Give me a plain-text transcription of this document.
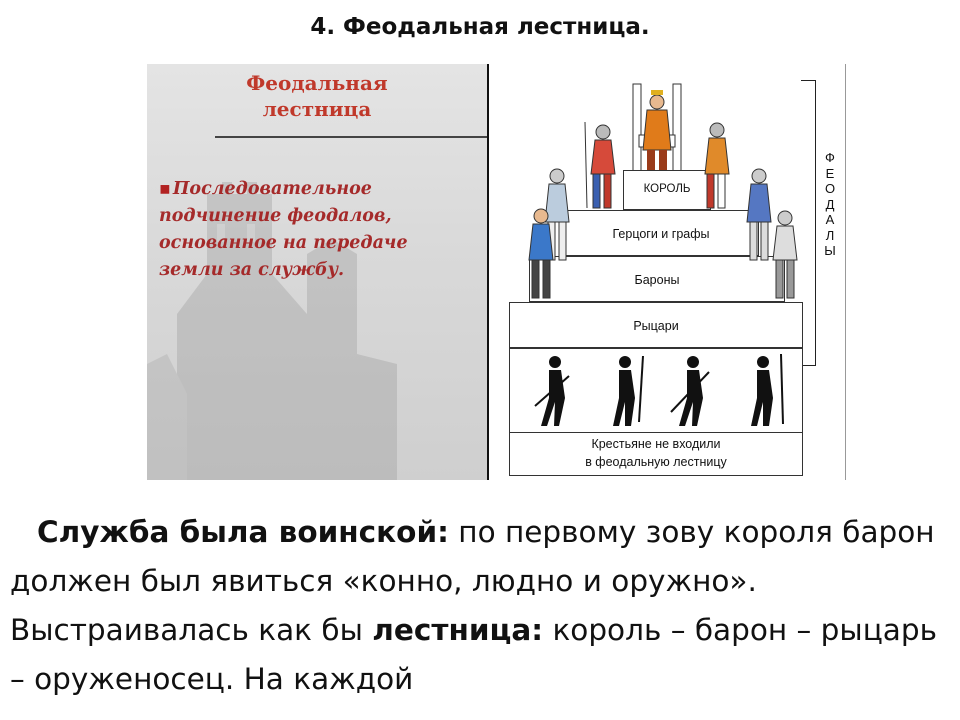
4. Феодальная лестница.
Феодальная
лестница
▪ Последовательное подчинение феодалов, основанное на передаче земли за службу.
Ф
Е
О
Д
А
Л
Ы
КОРОЛЬ
Герцоги и графы
Бароны
Рыцари
Крестьяне не входили
в феодальную лестницу
Служба была воинской: по первому зову короля барон должен был явиться «конно, людно и оружно». Выстраивалась как бы лестница: король – барон – рыцарь – оруженосец. На каждой
